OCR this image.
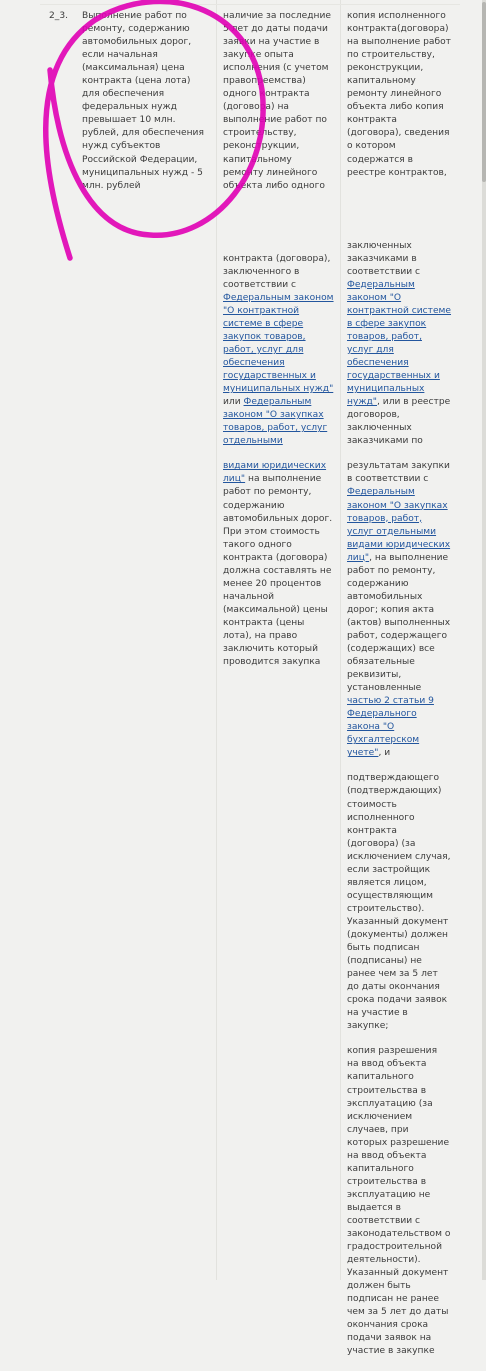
2_3.	Выполнение работ по ремонту, содержанию автомобильных дорог, если начальная (максимальная) цена контракта (цена лота) для обеспечения федеральных нужд превышает 10 млн. рублей, для обеспечения нужд субъектов Российской Федерации, муниципальных нужд - 5 млн. рублей

наличие за последние 5 лет до даты подачи заявки на участие в закупке опыта исполнения (с учетом правопреемства) одного контракта (договора) на выполнение работ по строительству, реконструкции, капитальному ремонту линейного объекта либо одного

контракта (договора), заключенного в соответствии с Федеральным законом "О контрактной системе в сфере закупок товаров, работ, услуг для обеспечения государственных и муниципальных нужд" или Федеральным законом "О закупках товаров, работ, услуг отдельными

видами юридических лиц" на выполнение работ по ремонту, содержанию автомобильных дорог. При этом стоимость такого одного контракта (договора) должна составлять не менее 20 процентов начальной (максимальной) цены контракта (цены лота), на право заключить который проводится закупка

копия исполненного контракта(договора) на выполнение работ по строительству, реконструкции, капитальному ремонту линейного объекта либо копия контракта (договора), сведения о котором содержатся в реестре контрактов,

заключенных заказчиками в соответствии с Федеральным законом "О контрактной системе в сфере закупок товаров, работ, услуг для обеспечения государственных и муниципальных нужд", или в реестре договоров, заключенных заказчиками по

результатам закупки в соответствии с Федеральным законом "О закупках товаров, работ, услуг отдельными видами юридических лиц", на выполнение работ по ремонту, содержанию автомобильных дорог; копия акта (актов) выполненных работ, содержащего (содержащих) все обязательные реквизиты, установленные частью 2 статьи 9 Федерального закона "О бухгалтерском учете", и

подтверждающего (подтверждающих) стоимость исполненного контракта (договора) (за исключением случая, если застройщик является лицом, осуществляющим строительство). Указанный документ (документы) должен быть подписан (подписаны) не ранее чем за 5 лет до даты окончания срока подачи заявок на участие в закупке;

копия разрешения на ввод объекта капитального строительства в эксплуатацию (за исключением случаев, при которых разрешение на ввод объекта капитального строительства в эксплуатацию не выдается в соответствии с законодательством о градостроительной деятельности). Указанный документ должен быть подписан не ранее чем за 5 лет до даты окончания срока подачи заявок на участие в закупке
